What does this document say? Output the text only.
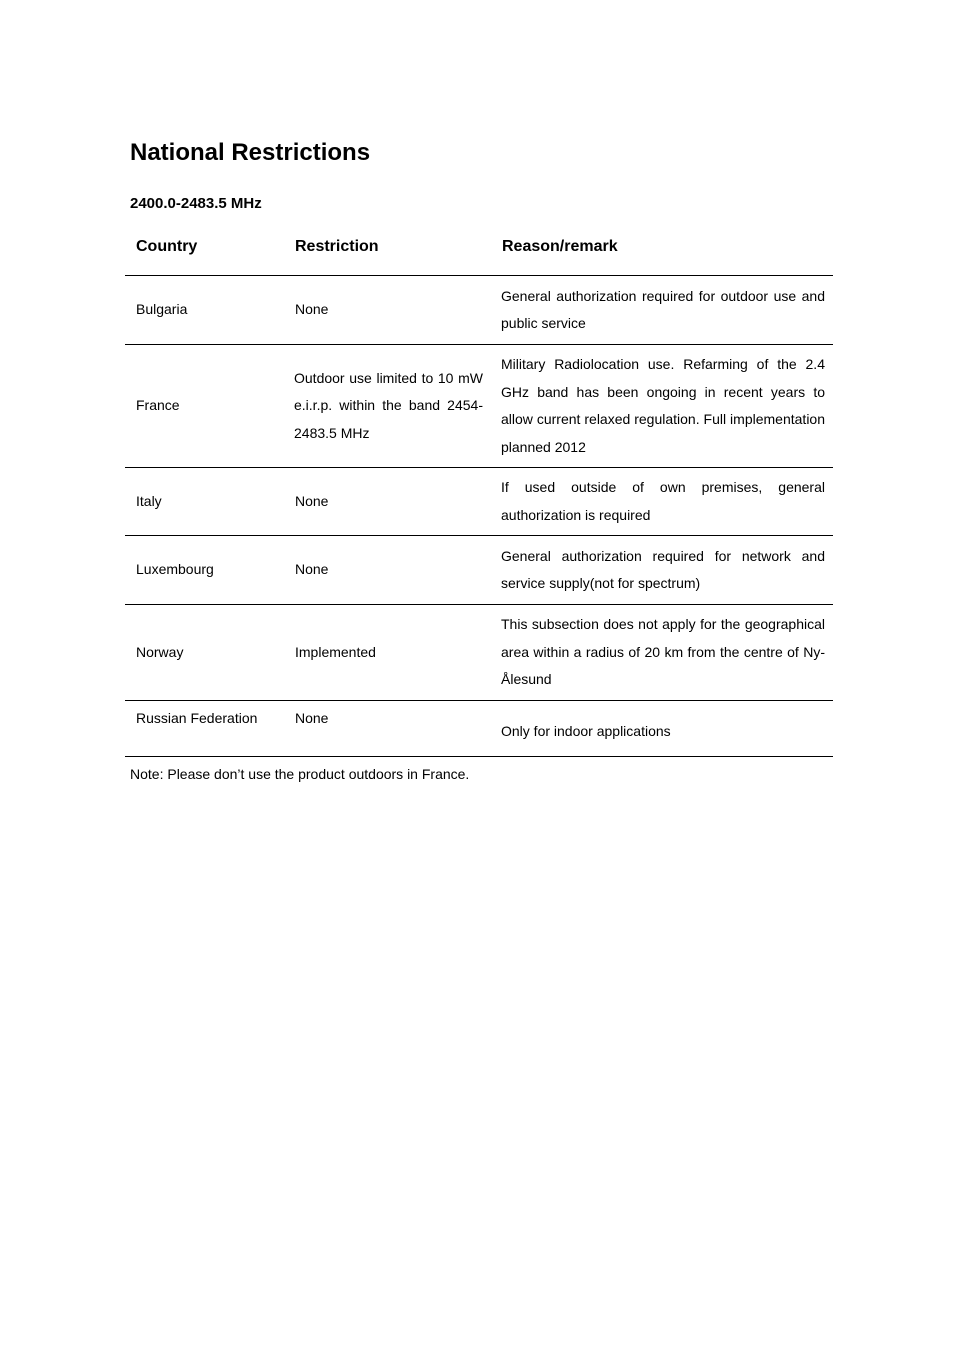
National Restrictions
2400.0-2483.5 MHz
Country	Restriction	Reason/remark
Bulgaria	None	General authorization required for outdoor use and public service
France	Outdoor use limited to 10 mW e.i.r.p. within the band 2454-2483.5 MHz	Military Radiolocation use. Refarming of the 2.4 GHz band has been ongoing in recent years to allow current relaxed regulation. Full implementation planned 2012
Italy	None	If used outside of own premises, general authorization is required
Luxembourg	None	General authorization required for network and service supply(not for spectrum)
Norway	Implemented	This subsection does not apply for the geographical area within a radius of 20 km from the centre of Ny-Ålesund
Russian Federation	None	Only for indoor applications

Note: Please don’t use the product outdoors in France.
